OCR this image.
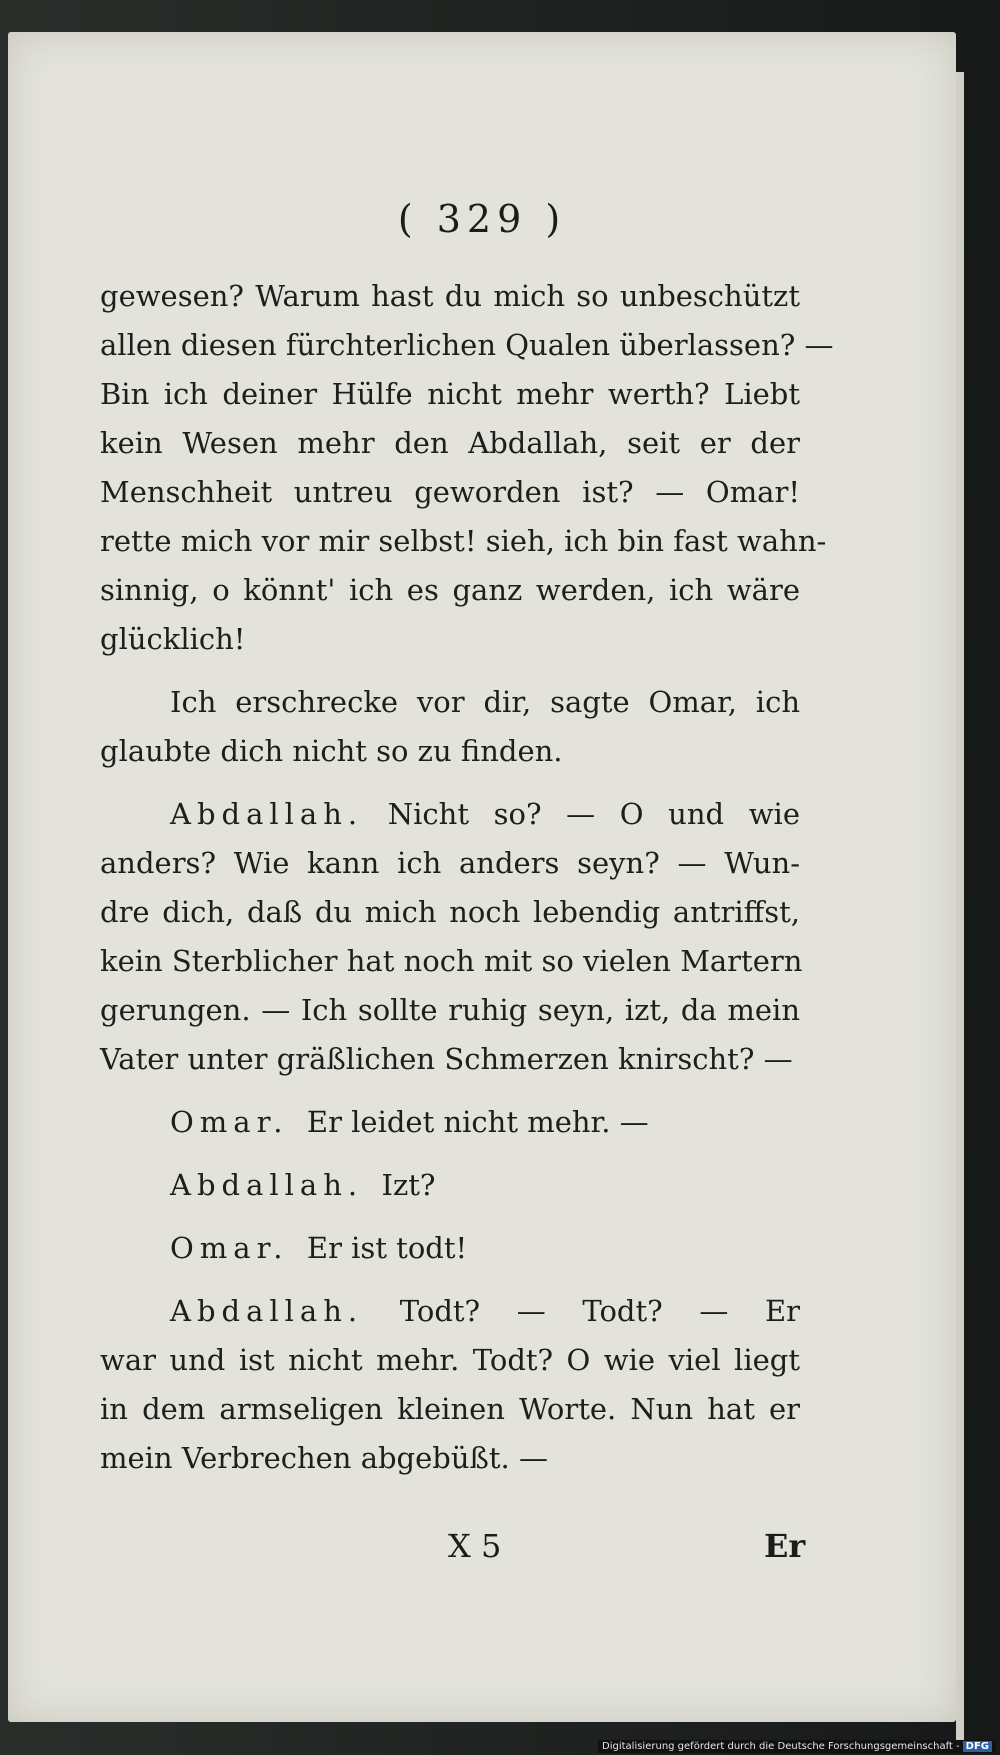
( 329 )

gewesen? Warum hast du mich so unbeschützt
allen diesen fürchterlichen Qualen überlassen? —
Bin ich deiner Hülfe nicht mehr werth? Liebt
kein Wesen mehr den Abdallah, seit er der
Menschheit untreu geworden ist? — Omar!
rette mich vor mir selbst! sieh, ich bin fast wahn-
sinnig, o könnt' ich es ganz werden, ich wäre
glücklich!

Ich erschrecke vor dir, sagte Omar, ich
glaubte dich nicht so zu finden.

Abdallah. Nicht so? — O und wie
anders? Wie kann ich anders seyn? — Wun-
dre dich, daß du mich noch lebendig antriffst,
kein Sterblicher hat noch mit so vielen Martern
gerungen. — Ich sollte ruhig seyn, izt, da mein
Vater unter gräßlichen Schmerzen knirscht? —

Omar. Er leidet nicht mehr. —

Abdallah. Izt?

Omar. Er ist todt!

Abdallah. Todt? — Todt? — Er
war und ist nicht mehr. Todt? O wie viel liegt
in dem armseligen kleinen Worte. Nun hat er
mein Verbrechen abgebüßt. —

X 5	Er
Digitalisierung gefördert durch die Deutsche Forschungsgemeinschaft - DFG
